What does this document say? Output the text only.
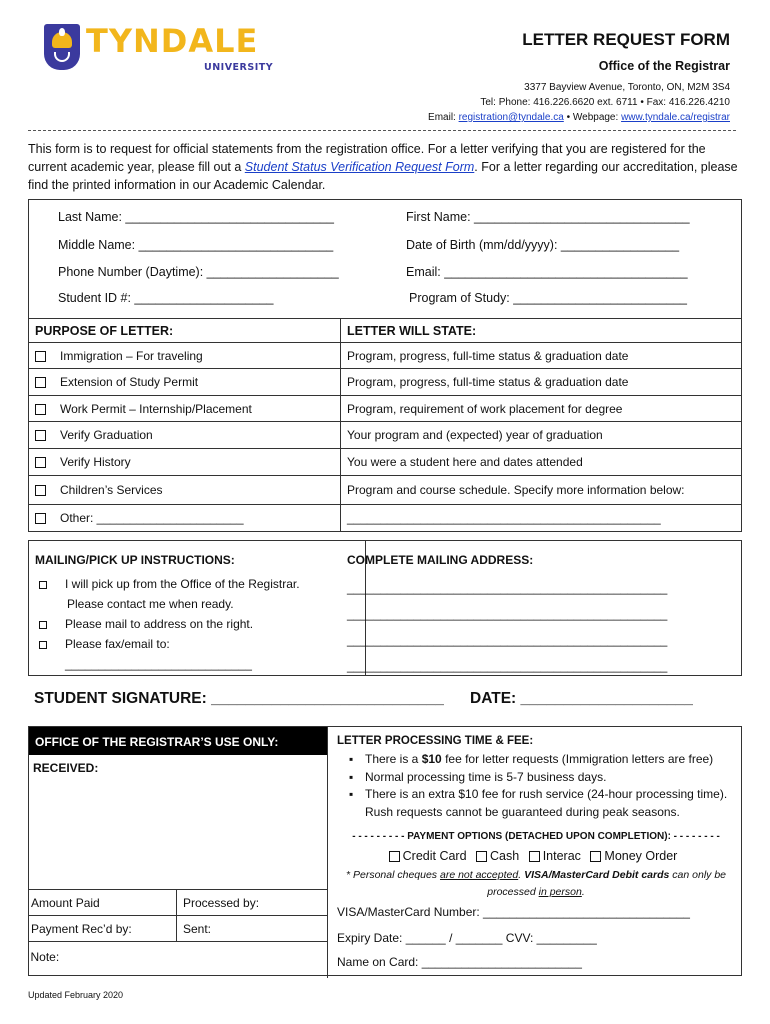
TYNDALE
UNIVERSITY
LETTER REQUEST FORM
Office of the Registrar
3377 Bayview Avenue, Toronto, ON, M2M 3S4
Tel: Phone: 416.226.6620 ext. 6711 • Fax: 416.226.4210
Email: registration@tyndale.ca • Webpage: www.tyndale.ca/registrar
This form is to request for official statements from the registration office. For a letter verifying that you are registered for the current academic year, please fill out a Student Status Verification Request Form. For a letter regarding our accreditation, please find the printed information in our Academic Calendar.
Last Name: ______________________________	First Name: _______________________________
Middle Name: ____________________________	Date of Birth (mm/dd/yyyy): _________________
Phone Number (Daytime): ___________________	Email: ___________________________________
Student ID #: ____________________	Program of Study: _________________________
PURPOSE OF LETTER:	LETTER WILL STATE:
Immigration – For traveling	Program, progress, full-time status & graduation date
Extension of Study Permit	Program, progress, full-time status & graduation date
Work Permit – Internship/Placement	Program, requirement of work placement for degree
Verify Graduation	Your program and (expected) year of graduation
Verify History	You were a student here and dates attended
Children’s Services	Program and course schedule. Specify more information below:
Other: ______________________	_______________________________________________
MAILING/PICK UP INSTRUCTIONS:
I will pick up from the Office of the Registrar.
Please contact me when ready.
Please mail to address on the right.
Please fax/email to:
____________________________
COMPLETE MAILING ADDRESS:
________________________________________________
________________________________________________
________________________________________________
________________________________________________
STUDENT SIGNATURE: ___________________________ DATE: ____________________
OFFICE OF THE REGISTRAR’S USE ONLY:
RECEIVED:
Amount Paid	Processed by:
Payment Rec’d by:	Sent:
Note:	
LETTER PROCESSING TIME & FEE:
▪ There is a $10 fee for letter requests (Immigration letters are free)
▪ Normal processing time is 5-7 business days.
▪ There is an extra $10 fee for rush service (24-hour processing time). Rush requests cannot be guaranteed during peak seasons.
- - - - - - - - - PAYMENT OPTIONS (DETACHED UPON COMPLETION): - - - - - - - -
Credit Card Cash Interac Money Order
* Personal cheques are not accepted. VISA/MasterCard Debit cards can only be processed in person.
VISA/MasterCard Number: _______________________________
Expiry Date: ______ / _______ CVV: _________
Name on Card: ________________________
Updated February 2020
